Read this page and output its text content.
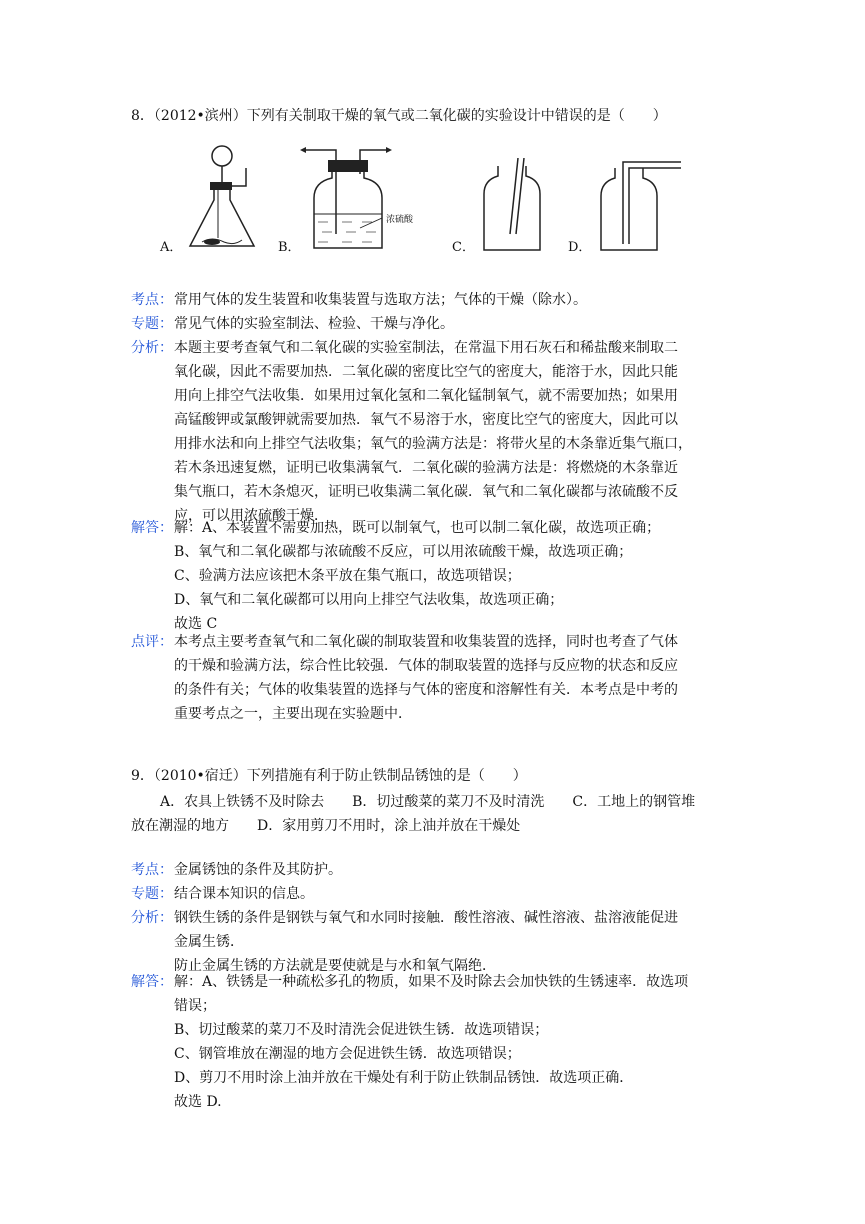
8．（2012•滨州）下列有关制取干燥的氧气或二氧化碳的实验设计中错误的是（　　）
浓硫酸
A．	B．	C．	D．
考点： 常用气体的发生装置和收集装置与选取方法；气体的干燥（除水）。

专题： 常见气体的实验室制法、检验、干燥与净化。

分析： 本题主要考查氧气和二氧化碳的实验室制法，在常温下用石灰石和稀盐酸来制取二

氧化碳，因此不需要加热．二氧化碳的密度比空气的密度大，能溶于水，因此只能

用向上排空气法收集．如果用过氧化氢和二氧化锰制氧气，就不需要加热；如果用

高锰酸钾或氯酸钾就需要加热．氧气不易溶于水，密度比空气的密度大，因此可以

用排水法和向上排空气法收集；氧气的验满方法是：将带火星的木条靠近集气瓶口，

若木条迅速复燃，证明已收集满氧气．二氧化碳的验满方法是：将燃烧的木条靠近

集气瓶口，若木条熄灭，证明已收集满二氧化碳．氧气和二氧化碳都与浓硫酸不反

应，可以用浓硫酸干燥．

解答： 解：A、本装置不需要加热，既可以制氧气，也可以制二氧化碳，故选项正确；

B、氧气和二氧化碳都与浓硫酸不反应，可以用浓硫酸干燥，故选项正确；

C、验满方法应该把木条平放在集气瓶口，故选项错误；

D、氧气和二氧化碳都可以用向上排空气法收集，故选项正确；

故选 C

点评： 本考点主要考查氧气和二氧化碳的制取装置和收集装置的选择，同时也考查了气体

的干燥和验满方法，综合性比较强．气体的制取装置的选择与反应物的状态和反应

的条件有关；气体的收集装置的选择与气体的密度和溶解性有关．本考点是中考的

重要考点之一，主要出现在实验题中．

9．（2010•宿迁）下列措施有利于防止铁制品锈蚀的是（　　）
A．农具上铁锈不及时除去　　B．切过酸菜的菜刀不及时清洗　　C．工地上的钢管堆
放在潮湿的地方　　D．家用剪刀不用时，涂上油并放在干燥处
考点： 金属锈蚀的条件及其防护。

专题： 结合课本知识的信息。

分析： 钢铁生锈的条件是钢铁与氧气和水同时接触．酸性溶液、碱性溶液、盐溶液能促进

金属生锈．

防止金属生锈的方法就是要使就是与水和氧气隔绝．

解答： 解：A、铁锈是一种疏松多孔的物质，如果不及时除去会加快铁的生锈速率．故选项

错误；

B、切过酸菜的菜刀不及时清洗会促进铁生锈．故选项错误；

C、钢管堆放在潮湿的地方会促进铁生锈．故选项错误；

D、剪刀不用时涂上油并放在干燥处有利于防止铁制品锈蚀．故选项正确．

故选 D.
